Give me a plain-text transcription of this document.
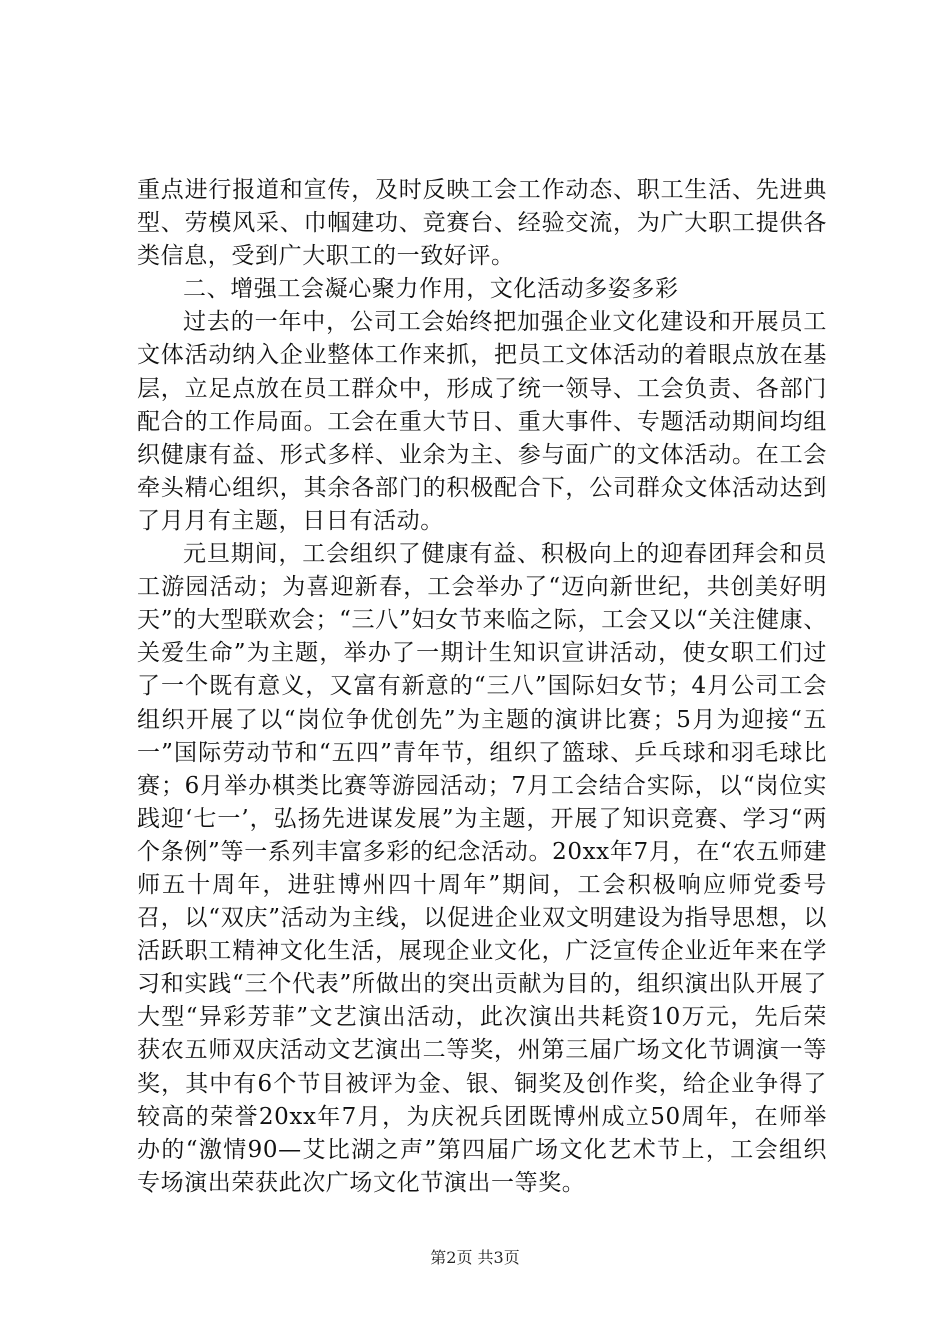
重点进行报道和宣传，及时反映工会工作动态、职工生活、先进典型、劳模风采、巾帼建功、竞赛台、经验交流，为广大职工提供各类信息，受到广大职工的一致好评。

二、增强工会凝心聚力作用，文化活动多姿多彩

过去的一年中，公司工会始终把加强企业文化建设和开展员工文体活动纳入企业整体工作来抓，把员工文体活动的着眼点放在基层，立足点放在员工群众中，形成了统一领导、工会负责、各部门配合的工作局面。工会在重大节日、重大事件、专题活动期间均组织健康有益、形式多样、业余为主、参与面广的文体活动。在工会牵头精心组织，其余各部门的积极配合下，公司群众文体活动达到了月月有主题，日日有活动。

元旦期间，工会组织了健康有益、积极向上的迎春团拜会和员工游园活动；为喜迎新春，工会举办了“迈向新世纪，共创美好明天”的大型联欢会；“三八”妇女节来临之际，工会又以“关注健康、关爱生命”为主题，举办了一期计生知识宣讲活动，使女职工们过了一个既有意义，又富有新意的“三八”国际妇女节；4月公司工会组织开展了以“岗位争优创先”为主题的演讲比赛；5月为迎接“五一”国际劳动节和“五四”青年节，组织了篮球、乒乓球和羽毛球比赛；6月举办棋类比赛等游园活动；7月工会结合实际，以“岗位实践迎‘七一’，弘扬先进谋发展”为主题，开展了知识竞赛、学习“两个条例”等一系列丰富多彩的纪念活动。20xx年7月，在“农五师建师五十周年，进驻博州四十周年”期间，工会积极响应师党委号召，以“双庆”活动为主线，以促进企业双文明建设为指导思想，以活跃职工精神文化生活，展现企业文化，广泛宣传企业近年来在学习和实践“三个代表”所做出的突出贡献为目的，组织演出队开展了大型“异彩芳菲”文艺演出活动，此次演出共耗资10万元，先后荣获农五师双庆活动文艺演出二等奖，州第三届广场文化节调演一等奖，其中有6个节目被评为金、银、铜奖及创作奖，给企业争得了较高的荣誉20xx年7月，为庆祝兵团既博州成立50周年，在师举办的“激情90—艾比湖之声”第四届广场文化艺术节上，工会组织专场演出荣获此次广场文化节演出一等奖。

第2页 共3页
